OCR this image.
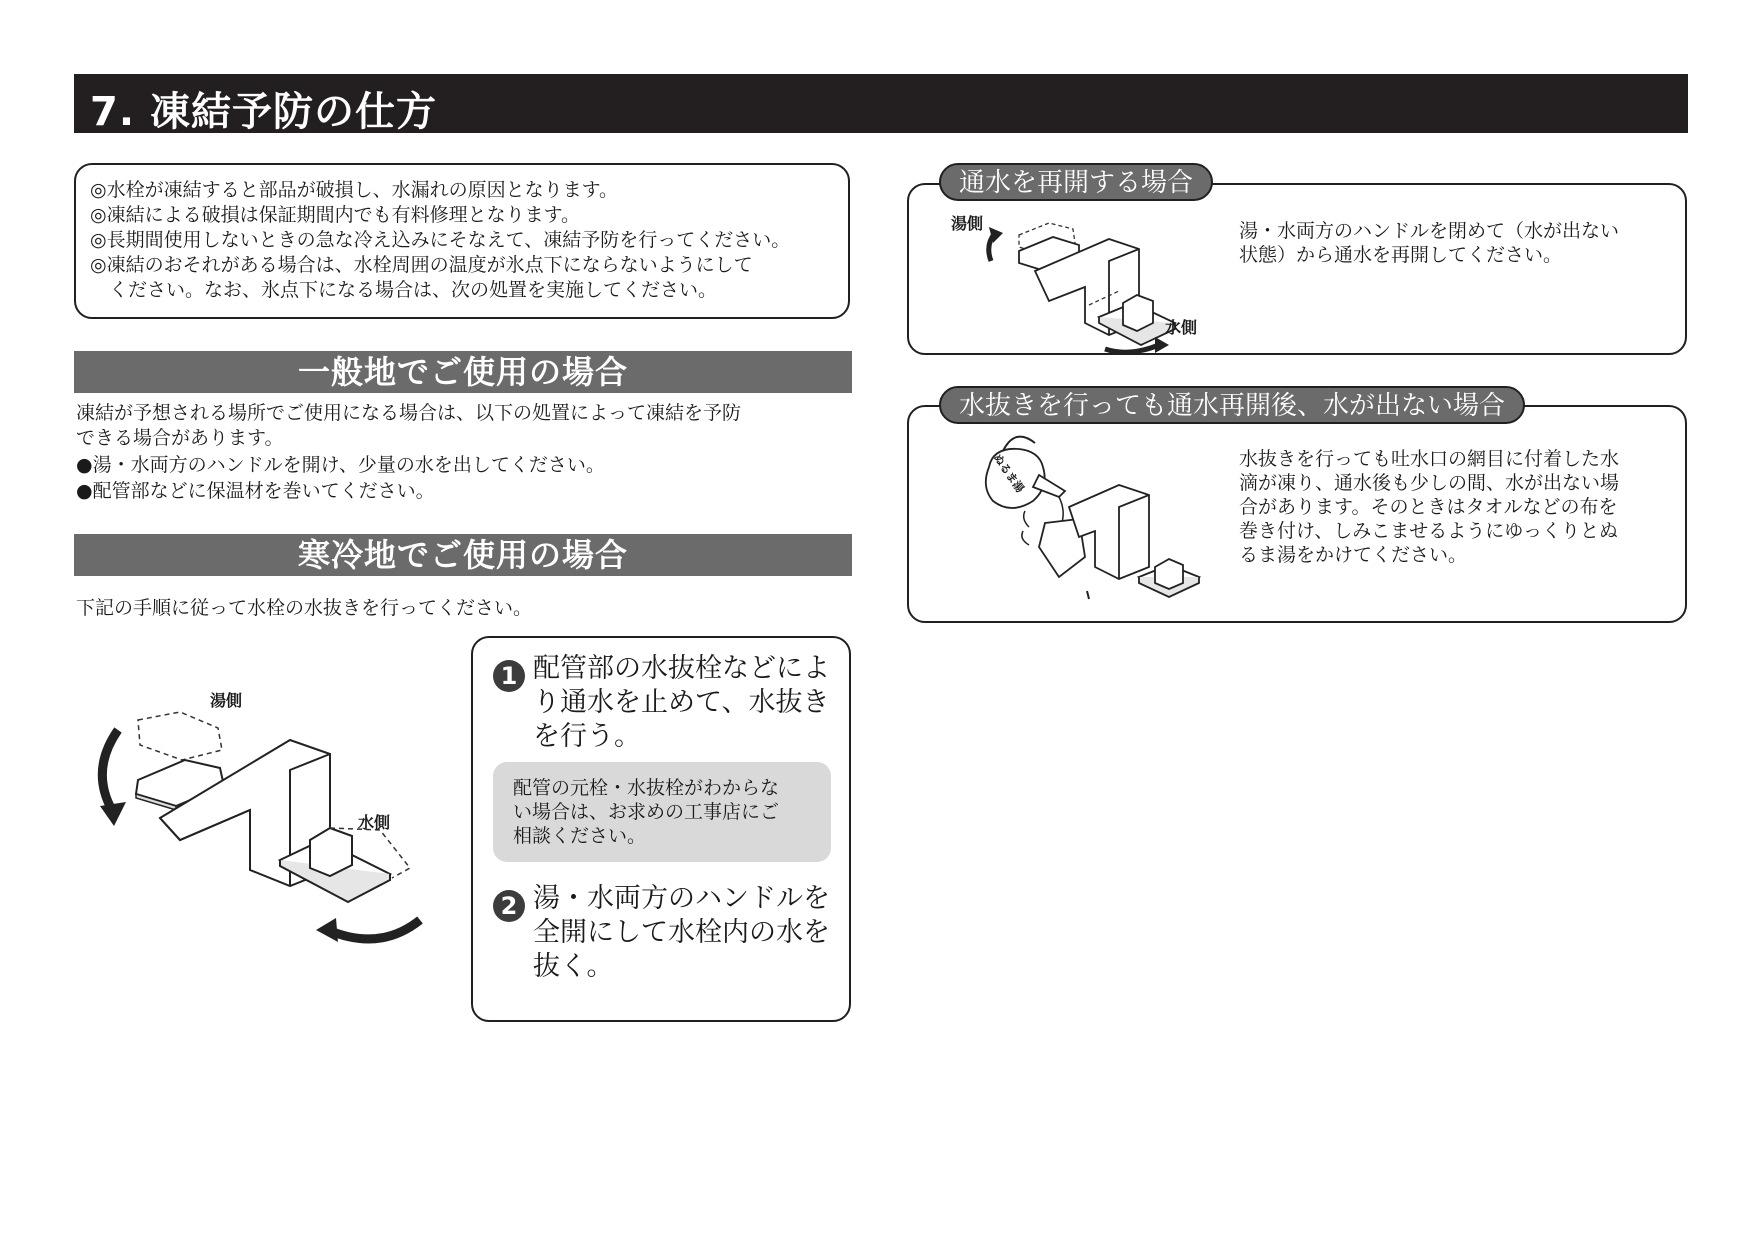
7. 凍結予防の仕方
◎水栓が凍結すると部品が破損し、水漏れの原因となります。
◎凍結による破損は保証期間内でも有料修理となります。
◎長期間使用しないときの急な冷え込みにそなえて、凍結予防を行ってください。
◎凍結のおそれがある場合は、水栓周囲の温度が氷点下にならないようにして
　ください。なお、氷点下になる場合は、次の処置を実施してください。
一般地でご使用の場合
凍結が予想される場所でご使用になる場合は、以下の処置によって凍結を予防
できる場合があります。
●湯・水両方のハンドルを開け、少量の水を出してください。
●配管部などに保温材を巻いてください。
寒冷地でご使用の場合
下記の手順に従って水栓の水抜きを行ってください。
湯側
水側
1 配管部の水抜栓などによ
り通水を止めて、水抜き
を行う。
配管の元栓・水抜栓がわからな
い場合は、お求めの工事店にご
相談ください。
2 湯・水両方のハンドルを
全開にして水栓内の水を
抜く。
湯側
水側
湯・水両方のハンドルを閉めて（水が出ない
状態）から通水を再開してください。
通水を再開する場合
ぬるま湯	水抜きを行っても吐水口の網目に付着した水
滴が凍り、通水後も少しの間、水が出ない場
合があります。そのときはタオルなどの布を
巻き付け、しみこませるようにゆっくりとぬ
るま湯をかけてください。
水抜きを行っても通水再開後、水が出ない場合
